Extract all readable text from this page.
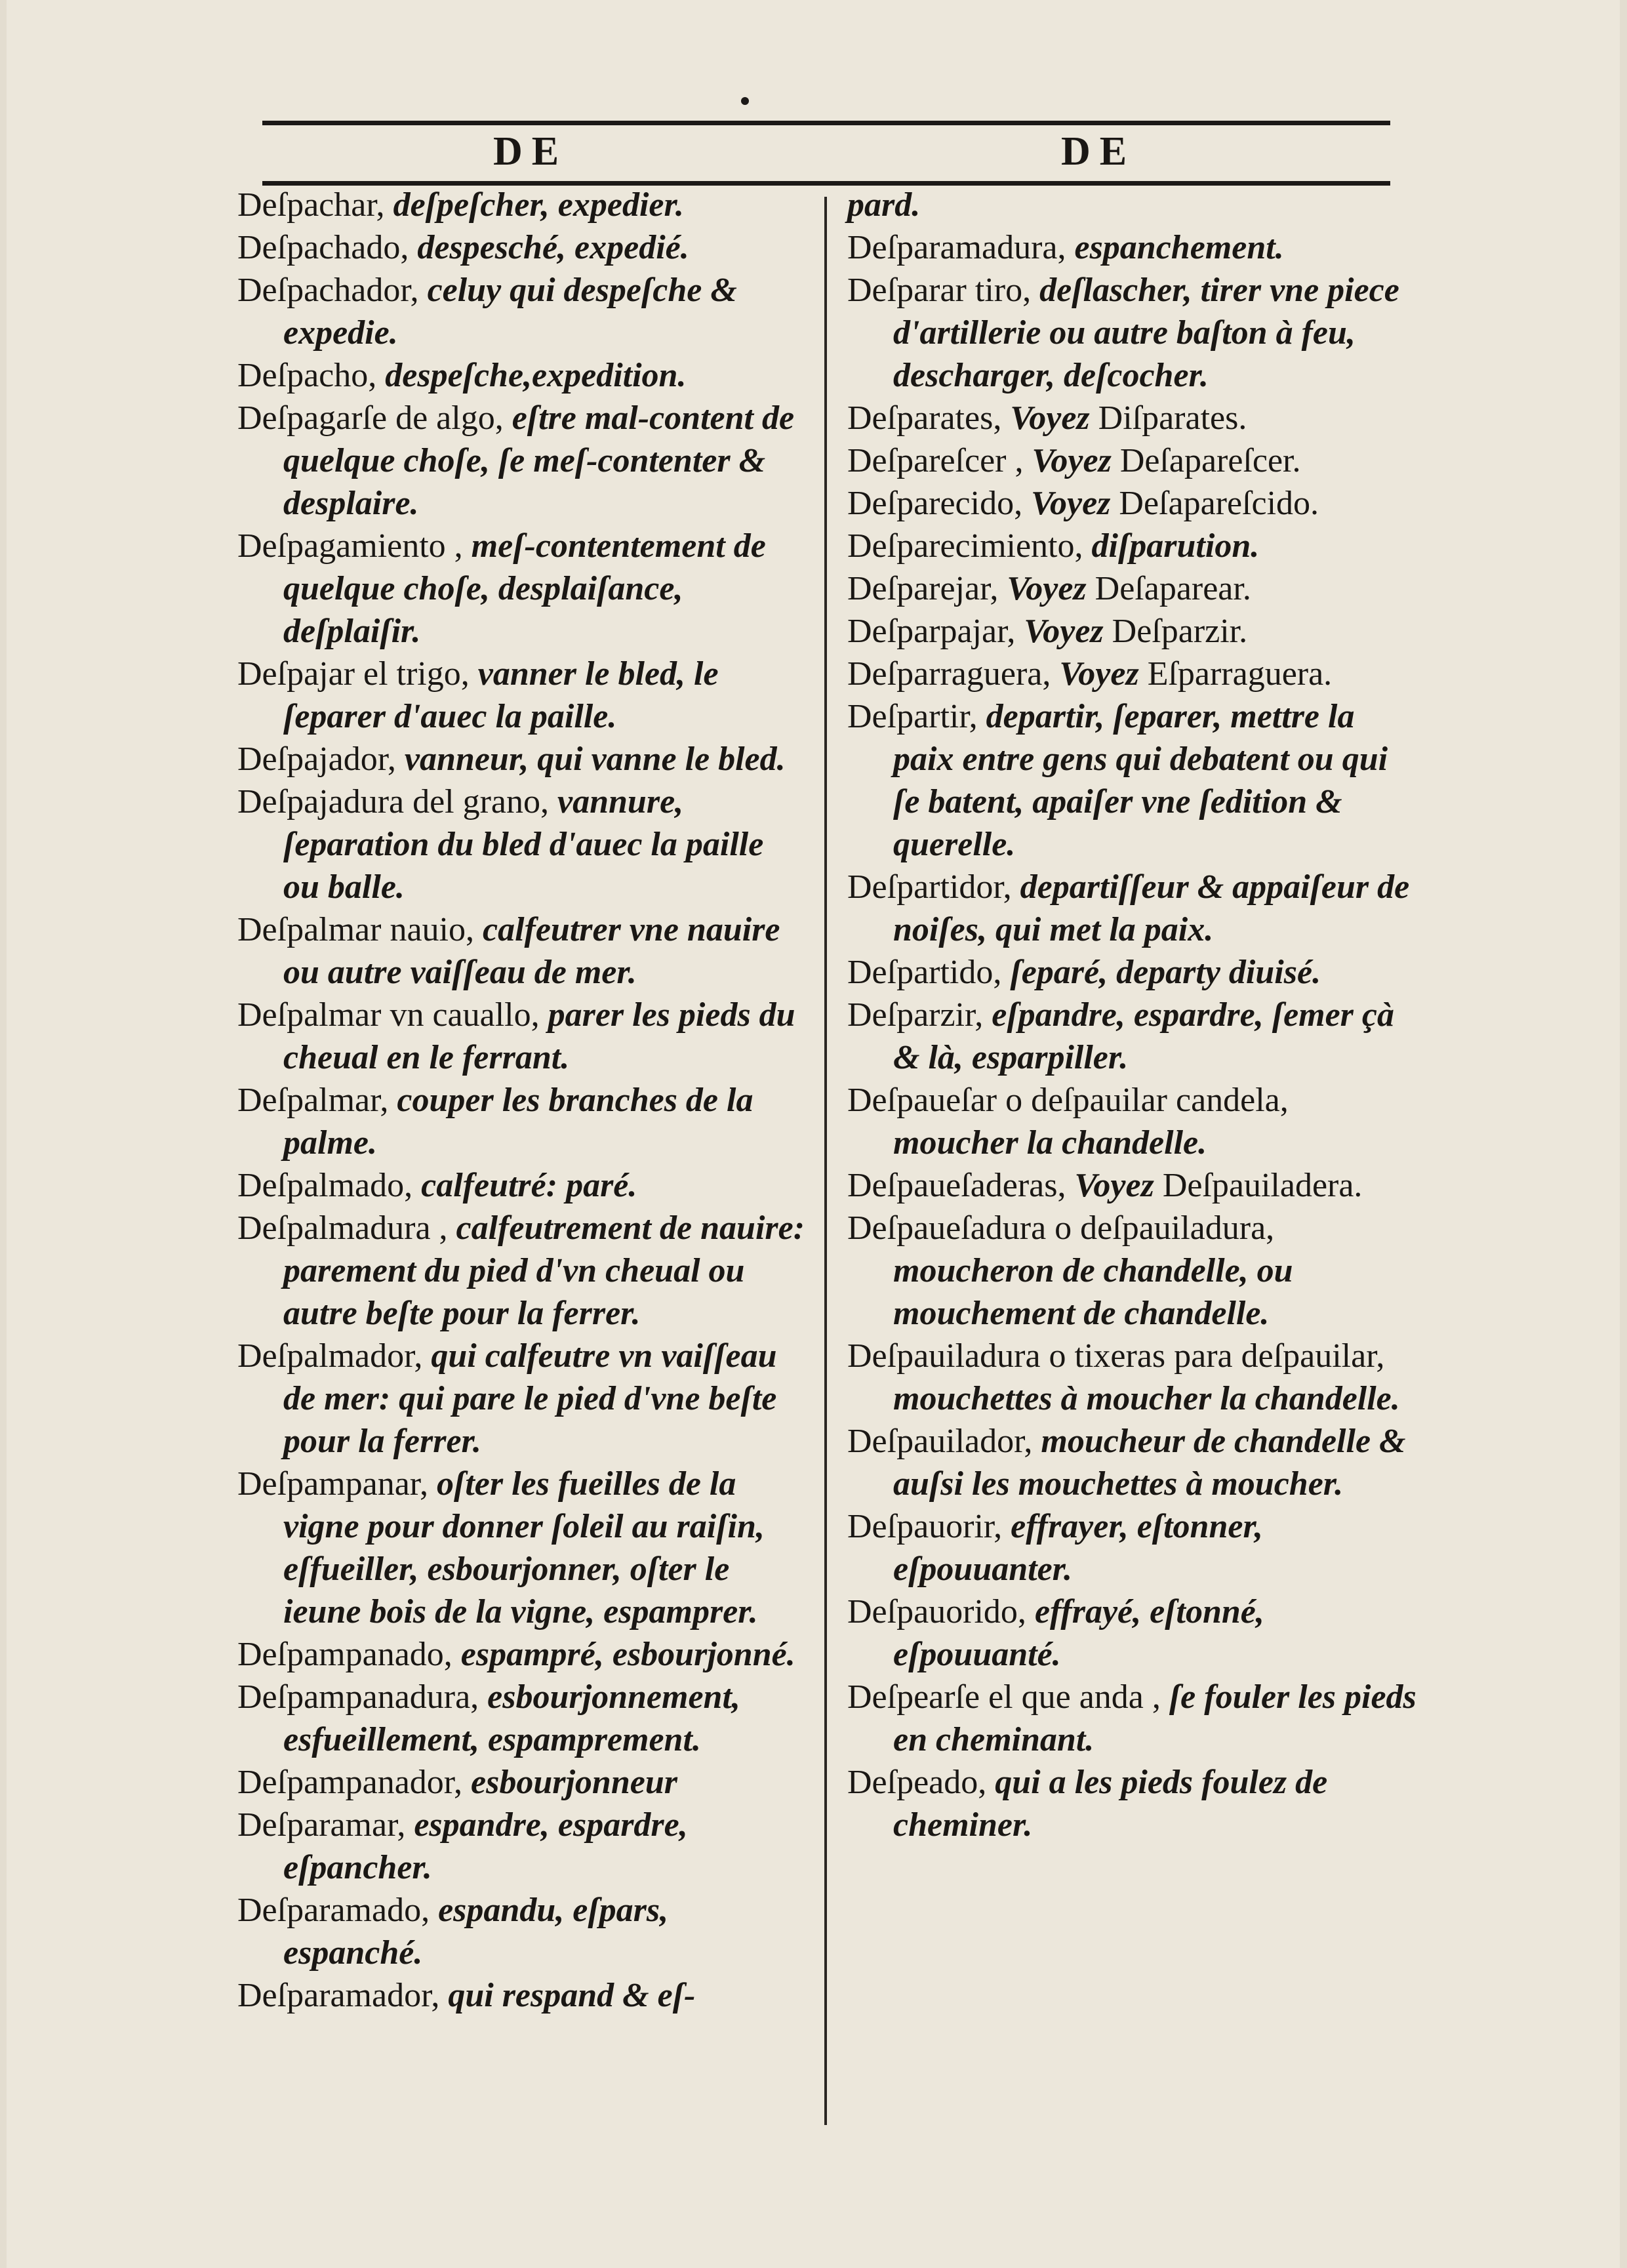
DE	DE
Deſpachar, deſpeſcher, expedier.
Deſpachado, despesché, expedié.
Deſpachador, celuy qui despeſche & expedie.
Deſpacho, despeſche,expedition.
Deſpagarſe de algo, eſtre mal-content de quelque choſe, ſe meſ-contenter & desplaire.
Deſpagamiento , meſ-contentement de quelque choſe, desplaiſance, deſplaiſir.
Deſpajar el trigo, vanner le bled, le ſeparer d'auec la paille.
Deſpajador, vanneur, qui vanne le bled.
Deſpajadura del grano, vannure, ſeparation du bled d'auec la paille ou balle.
Deſpalmar nauio, calfeutrer vne nauire ou autre vaiſſeau de mer.
Deſpalmar vn cauallo, parer les pieds du cheual en le ferrant.
Deſpalmar, couper les branches de la palme.
Deſpalmado, calfeutré: paré.
Deſpalmadura , calfeutrement de nauire: parement du pied d'vn cheual ou autre beſte pour la ferrer.
Deſpalmador, qui calfeutre vn vaiſſeau de mer: qui pare le pied d'vne beſte pour la ferrer.
Deſpampanar, oſter les fueilles de la vigne pour donner ſoleil au raiſin, eſfueiller, esbourjonner, oſter le ieune bois de la vigne, espamprer.
Deſpampanado, espampré, esbourjonné.
Deſpampanadura, esbourjonnement, esfueillement, espamprement.
Deſpampanador, esbourjonneur
Deſparamar, espandre, espardre, eſpancher.
Deſparamado, espandu, eſpars, espanché.
Deſparamador, qui respand & eſ-
pard.
Deſparamadura, espanchement.
Deſparar tiro, deſlascher, tirer vne piece d'artillerie ou autre baſton à feu, descharger, deſcocher.
Deſparates, Voyez Diſparates.
Deſpareſcer , Voyez Deſapareſcer.
Deſparecido, Voyez Deſapareſcido.
Deſparecimiento, diſparution.
Deſparejar, Voyez Deſaparear.
Deſparpajar, Voyez Deſparzir.
Deſparraguera, Voyez Eſparraguera.
Deſpartir, departir, ſeparer, mettre la paix entre gens qui debatent ou qui ſe batent, apaiſer vne ſedition & querelle.
Deſpartidor, departiſſeur & appaiſeur de noiſes, qui met la paix.
Deſpartido, ſeparé, departy diuisé.
Deſparzir, eſpandre, espardre, ſemer çà & là, esparpiller.
Deſpaueſar o deſpauilar candela, moucher la chandelle.
Deſpaueſaderas, Voyez Deſpauiladera.
Deſpaueſadura o deſpauiladura, moucheron de chandelle, ou mouchement de chandelle.
Deſpauiladura o tixeras para deſpauilar, mouchettes à moucher la chandelle.
Deſpauilador, moucheur de chandelle & auſsi les mouchettes à moucher.
Deſpauorir, effrayer, eſtonner, eſpouuanter.
Deſpauorido, effrayé, eſtonné, eſpouuanté.
Deſpearſe el que anda , ſe fouler les pieds en cheminant.
Deſpeado, qui a les pieds foulez de cheminer.
